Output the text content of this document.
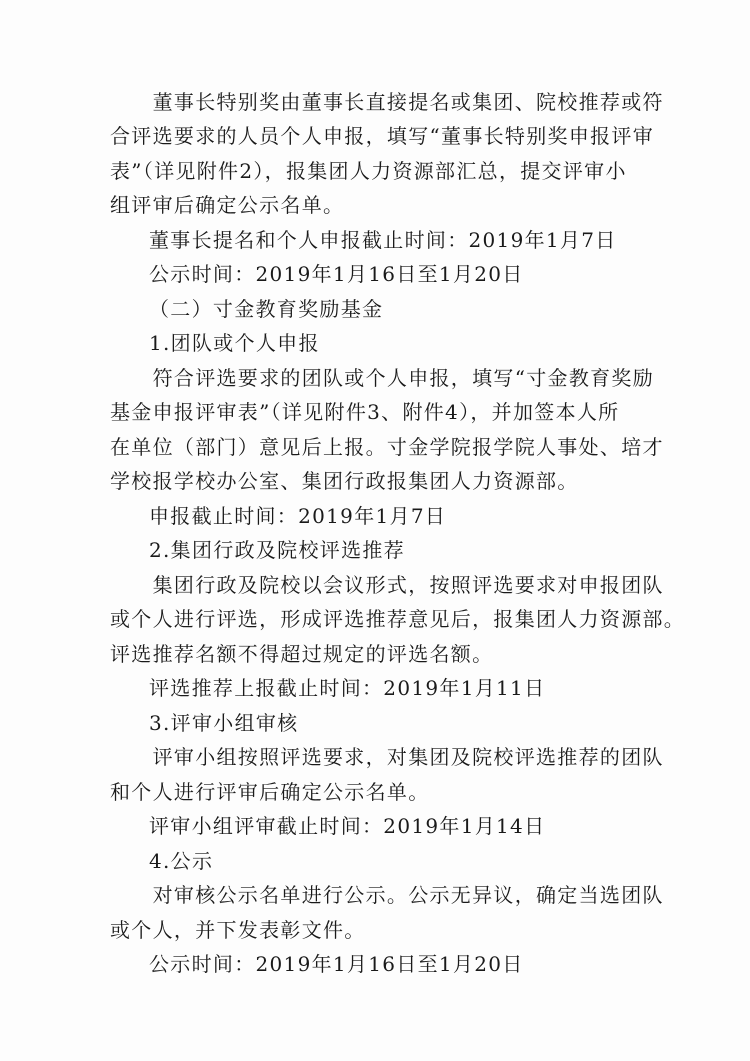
　　董事长特别奖由董事长直接提名或集团、院校推荐或符
合评选要求的人员个人申报，填写“董事长特别奖申报评审
表”（详见附件2），报集团人力资源部汇总，提交评审小
组评审后确定公示名单。
董事长提名和个人申报截止时间：2019年1月7日
公示时间：2019年1月16日至1月20日
（二）寸金教育奖励基金
1.团队或个人申报
　　符合评选要求的团队或个人申报，填写“寸金教育奖励
基金申报评审表”（详见附件3、附件4），并加签本人所
在单位（部门）意见后上报。寸金学院报学院人事处、培才
学校报学校办公室、集团行政报集团人力资源部。
申报截止时间：2019年1月7日
2.集团行政及院校评选推荐
　　集团行政及院校以会议形式，按照评选要求对申报团队
或个人进行评选，形成评选推荐意见后，报集团人力资源部。
评选推荐名额不得超过规定的评选名额。
评选推荐上报截止时间：2019年1月11日
3.评审小组审核
　　评审小组按照评选要求，对集团及院校评选推荐的团队
和个人进行评审后确定公示名单。
评审小组评审截止时间：2019年1月14日
4.公示
　　对审核公示名单进行公示。公示无异议，确定当选团队
或个人，并下发表彰文件。
公示时间：2019年1月16日至1月20日
